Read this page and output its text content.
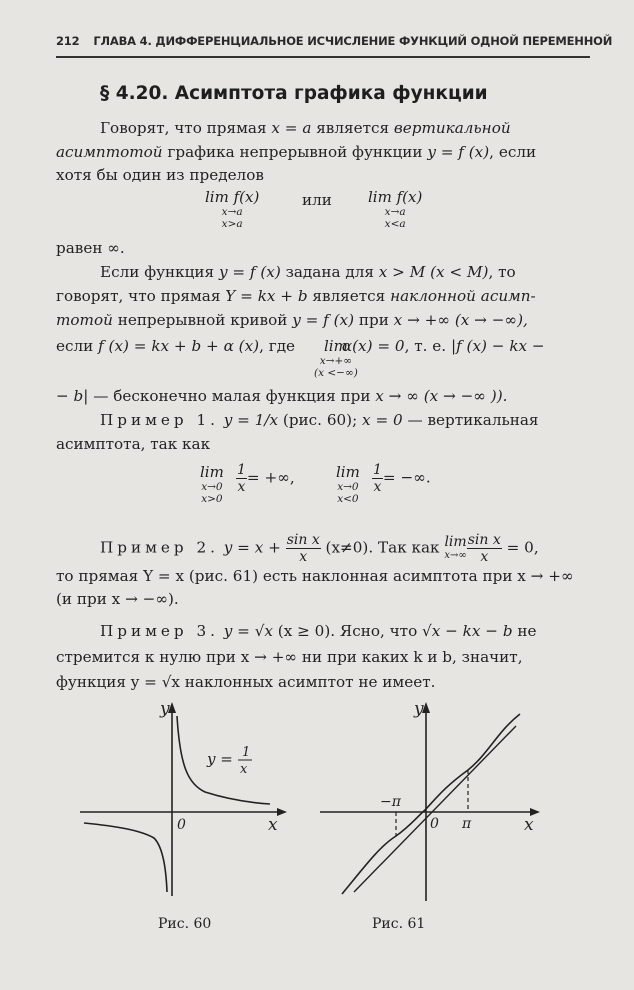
212 ГЛАВА 4. ДИФФЕРЕНЦИАЛЬНОЕ ИСЧИСЛЕНИЕ ФУНКЦИЙ ОДНОЙ ПЕРЕМЕННОЙ
§ 4.20. Асимптота графика функции
Говорят, что прямая x = a является вертикальной
асимптотой графика непрерывной функции y = f (x), если
хотя бы один из пределов
lim f(x)
x→a
x>a
или lim f(x)
x→a
x<a
равен ∞.
Если функция y = f (x) задана для x > M (x < M), то
говорят, что прямая Y = kx + b является наклонной асимп-
тотой непрерывной кривой y = f (x) при x → +∞ (x → −∞),
если f (x) = kx + b + α (x), где	α(x) = 0, т. е. |f (x) − kx −
lim
x→+∞
(x <−∞)
− b| — бесконечно малая функция при x → ∞ (x → −∞ )).
Пример 1. y = 1/x (рис. 60); x = 0 — вертикальная
асимптота, так как
lim
x→0
x>0
$\frac{1}{x}$ = +∞,	lim
x→0
x<0
$\frac{1}{x}$ = −∞.
Пример 2. $y = x + \frac{\text{sin x}}{x} (x\ne 0)$. Так как lim
$x\to\infty \frac{\text{sin x}}{x} = 0$,
то прямая Y = x (рис. 61) есть наклонная асимптота при x → +∞
(и при x → −∞).
Пример 3. y = √x (x ≥ 0). Ясно, что √x − kx − b не
стремится к нулю при x → +∞ ни при каких k и b, значит,
функция y = √x наклонных асимптот не имеет.
y
x
0
y = 1
x
Рис. 60
y
x
0
−π
π
Рис. 61
